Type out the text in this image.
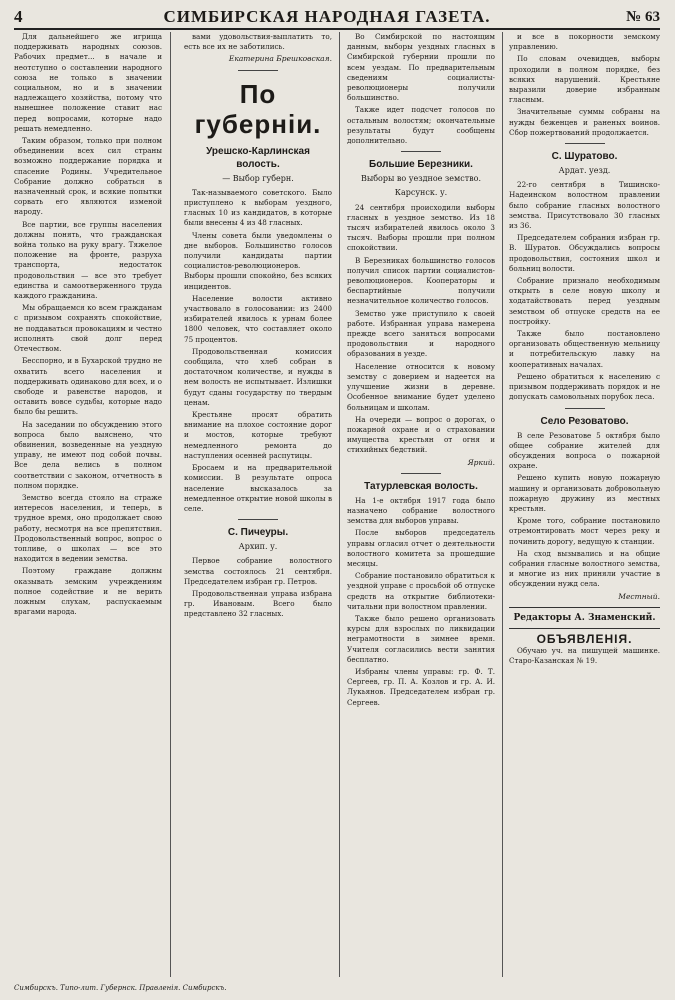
4	СИМБИРСКАЯ НАРОДНАЯ ГАЗЕТА.	№ 63

Для дальнейшего же игрища поддерживать народных союзов. Рабочих предмет... в начале и неотступно о составлении народного союза не только в значении социальном, но и в значении надлежащего хозяйства, потому что нынешнее положение ставит нас перед вопросами, которые надо решать немедленно.

Таким образом, только при полном объединении всех сил страны возможно поддержание порядка и спасение Родины. Учредительное Собрание должно собраться в назначенный срок, и всякие попытки сорвать его являются изменой народу.

Все партии, все группы населения должны понять, что гражданская война только на руку врагу. Тяжелое положение на фронте, разруха транспорта, недостаток продовольствия — все это требует единства и самоотверженного труда каждого гражданина.

Мы обращаемся ко всем гражданам с призывом сохранять спокойствие, не поддаваться провокациям и честно исполнять свой долг перед Отечеством.

Бесспорно, и в Бухарской трудно не охватить всего населения и поддерживать одинаково для всех, и о свободе и равенстве народов, и оставить вовсе судьбы, которые надо было бы решить.

На заседании по обсуждению этого вопроса было выяснено, что обвинения, возведенные на уездную управу, не имеют под собой почвы. Все дела велись в полном соответствии с законом, отчетность в полном порядке.

Земство всегда стояло на страже интересов населения, и теперь, в трудное время, оно продолжает свою работу, несмотря на все препятствия. Продовольственный вопрос, вопрос о топливе, о школах — все это находится в ведении земства.

Поэтому граждане должны оказывать земским учреждениям полное содействие и не верить ложным слухам, распускаемым врагами народа.

вами удовольствия-выплатить то, есть все их не заботились.

Екатерина Брешковская.
По губерніи.
Урешско-Карлинская волость.
— Выбор губерн.

Так-называемого советского. Было приступлено к выборам уездного, гласных 10 из кандидатов, в которые были внесены 4 из 48 гласных.

Члены совета были уведомлены о дне выборов. Большинство голосов получили кандидаты партии социалистов-революционеров. Выборы прошли спокойно, без всяких инцидентов.

Население волости активно участвовало в голосовании: из 2400 избирателей явилось к урнам более 1800 человек, что составляет около 75 процентов.

Продовольственная комиссия сообщила, что хлеб собран в достаточном количестве, и нужды в нем волость не испытывает. Излишки будут сданы государству по твердым ценам.

Крестьяне просят обратить внимание на плохое состояние дорог и мостов, которые требуют немедленного ремонта до наступления осенней распутицы.

Бросаем и на предварительной комиссии. В результате опроса население высказалось за немедленное открытие новой школы в селе.

С. Пичеуры.
Архип. у.

Первое собрание волостного земства состоялось 21 сентября. Председателем избран гр. Петров.

Продовольственная управа избрана гр. Ивановым. Всего было представлено 32 гласных.

Во Симбирской по настоящим данным, выборы уездных гласных в Симбирской губернии прошли по всем уездам. По предварительным сведениям социалисты-революционеры получили большинство.

Также идет подсчет голосов по остальным волостям; окончательные результаты будут сообщены дополнительно.

Большие Березники.
Выборы во уездное земство.
Карсунск. у.

24 сентября происходили выборы гласных в уездное земство. Из 18 тысяч избирателей явилось около 3 тысяч. Выборы прошли при полном спокойствии.

В Березниках большинство голосов получил список партии социалистов-революционеров. Кооператоры и беспартийные получили незначительное количество голосов.

Земство уже приступило к своей работе. Избранная управа намерена прежде всего заняться вопросами продовольствия и народного образования в уезде.

Население относится к новому земству с доверием и надеется на улучшение жизни в деревне. Особенное внимание будет уделено больницам и школам.

На очереди — вопрос о дорогах, о пожарной охране и о страховании имущества крестьян от огня и стихийных бедствий.

Яркий.
Татурлевская волость.

На 1-е октября 1917 года было назначено собрание волостного земства для выборов управы.

После выборов председатель управы огласил отчет о деятельности волостного комитета за прошедшие месяцы.

Собрание постановило обратиться к уездной управе с просьбой об отпуске средств на открытие библиотеки-читальни при волостном правлении.

Также было решено организовать курсы для взрослых по ликвидации неграмотности в зимнее время. Учителя согласились вести занятия бесплатно.

Избраны члены управы: гр. Ф. Т. Сергеев, гр. П. А. Козлов и гр. А. И. Лукьянов. Председателем избран гр. Сергеев.

и все в покорности земскому управлению.

По словам очевидцев, выборы проходили в полном порядке, без всяких нарушений. Крестьяне выразили доверие избранным гласным.

Значительные суммы собраны на нужды беженцев и раненых воинов. Сбор пожертвований продолжается.

С. Шуратово.
Ардат. уезд.

22-го сентября в Тишинско-Надеинском волостном правлении было собрание гласных волостного земства. Присутствовало 30 гласных из 36.

Председателем собрания избран гр. В. Шуратов. Обсуждались вопросы продовольствия, состояния школ и больниц волости.

Собрание признало необходимым открыть в селе новую школу и ходатайствовать перед уездным земством об отпуске средств на ее постройку.

Также было постановлено организовать общественную мельницу и потребительскую лавку на кооперативных началах.

Решено обратиться к населению с призывом поддерживать порядок и не допускать самовольных порубок леса.

Село Резоватово.

В селе Резоватове 5 октября было общее собрание жителей для обсуждения вопроса о пожарной охране.

Решено купить новую пожарную машину и организовать добровольную пожарную дружину из местных крестьян.

Кроме того, собрание постановило отремонтировать мост через реку и починить дорогу, ведущую к станции.

На сход вызывались и на общие собрания гласные волостного земства, и многие из них приняли участие в обсуждении нужд села.

Местный.
Редакторы А. Знаменский.
ОБЪЯВЛЕНІЯ.

Обучаю уч. на пишущей машинке. Старо-Казанская № 19.

Симбирскъ. Типо-лит. Губернск. Правленія. Симбирскъ.
